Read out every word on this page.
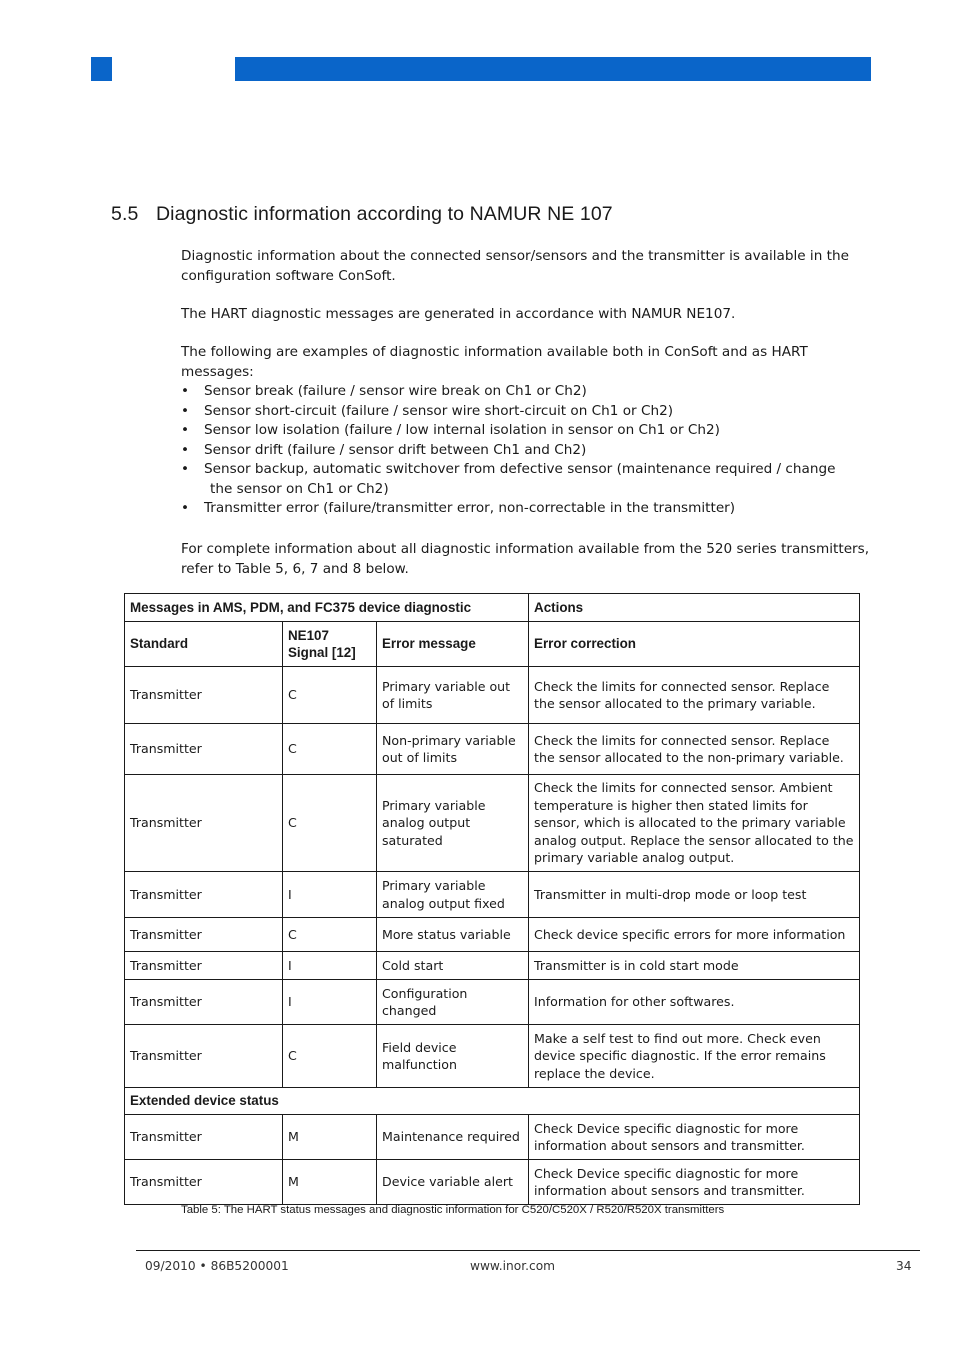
5.5 Diagnostic information according to NAMUR NE 107
Diagnostic information about the connected sensor/sensors and the transmitter is available in the configuration software ConSoft.
The HART diagnostic messages are generated in accordance with NAMUR NE107.
The following are examples of diagnostic information available both in ConSoft and as HART messages:
• Sensor break (failure / sensor wire break on Ch1 or Ch2)
• Sensor short-circuit (failure / sensor wire short-circuit on Ch1 or Ch2)
• Sensor low isolation (failure / low internal isolation in sensor on Ch1 or Ch2)
• Sensor drift (failure / sensor drift between Ch1 and Ch2)
• Sensor backup, automatic switchover from defective sensor (maintenance required / change
the sensor on Ch1 or Ch2)
• Transmitter error (failure/transmitter error, non-correctable in the transmitter)
For complete information about all diagnostic information available from the 520 series transmitters, refer to Table 5, 6, 7 and 8 below.
Messages in AMS, PDM, and FC375 device diagnostic			Actions
Standard	NE107 Signal [12]	Error message	Error correction
Transmitter	C	Primary variable out of limits	Check the limits for connected sensor. Replace the sensor allocated to the primary variable.
Transmitter	C	Non-primary variable out of limits	Check the limits for connected sensor. Replace the sensor allocated to the non-primary variable.
Transmitter	C	Primary variable analog output saturated	Check the limits for connected sensor. Ambient temperature is higher then stated limits for sensor, which is allocated to the primary variable analog output. Replace the sensor allocated to the primary variable analog output.
Transmitter	I	Primary variable analog output fixed	Transmitter in multi-drop mode or loop test
Transmitter	C	More status variable	Check device specific errors for more information
Transmitter	I	Cold start	Transmitter is in cold start mode
Transmitter	I	Configuration changed	Information for other softwares.
Transmitter	C	Field device malfunction	Make a self test to find out more. Check even device specific diagnostic. If the error remains replace the device.
Extended device status			
Transmitter	M	Maintenance required	Check Device specific diagnostic for more information about sensors and transmitter.
Transmitter	M	Device variable alert	Check Device specific diagnostic for more information about sensors and transmitter.
Table 5: The HART status messages and diagnostic information for C520/C520X / R520/R520X transmitters
09/2010 • 86B5200001	www.inor.com	34
